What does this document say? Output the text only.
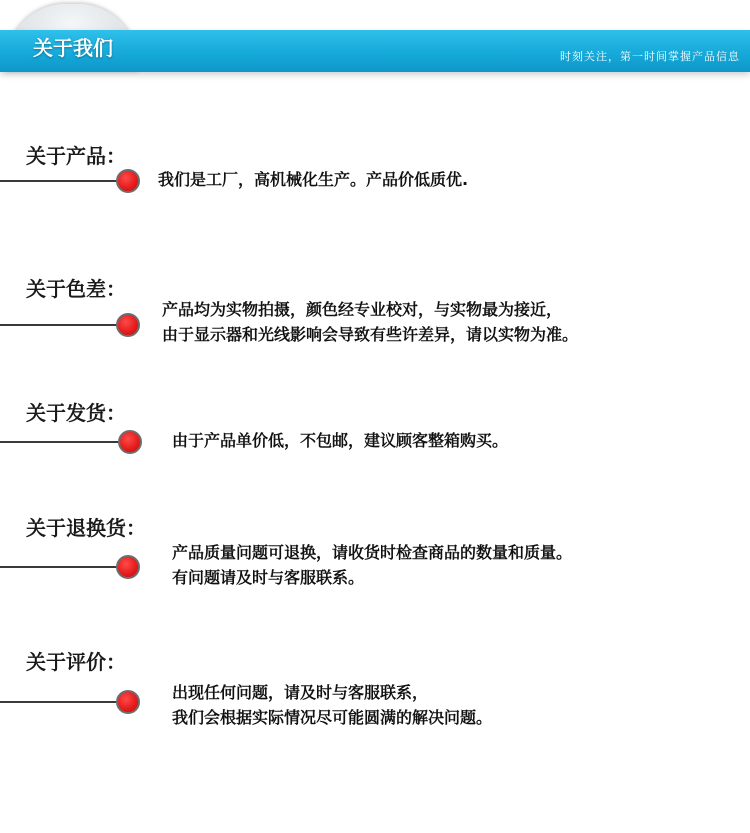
关于我们	时刻关注，第一时间掌握产品信息
关于产品：
我们是工厂，高机械化生产。产品价低质优.
关于色差：
产品均为实物拍摄，颜色经专业校对，与实物最为接近，
由于显示器和光线影响会导致有些许差异，请以实物为准。
关于发货：
由于产品单价低，不包邮，建议顾客整箱购买。
关于退换货：
产品质量问题可退换，请收货时检查商品的数量和质量。
有问题请及时与客服联系。
关于评价：
出现任何问题，请及时与客服联系，
我们会根据实际情况尽可能圆满的解决问题。
